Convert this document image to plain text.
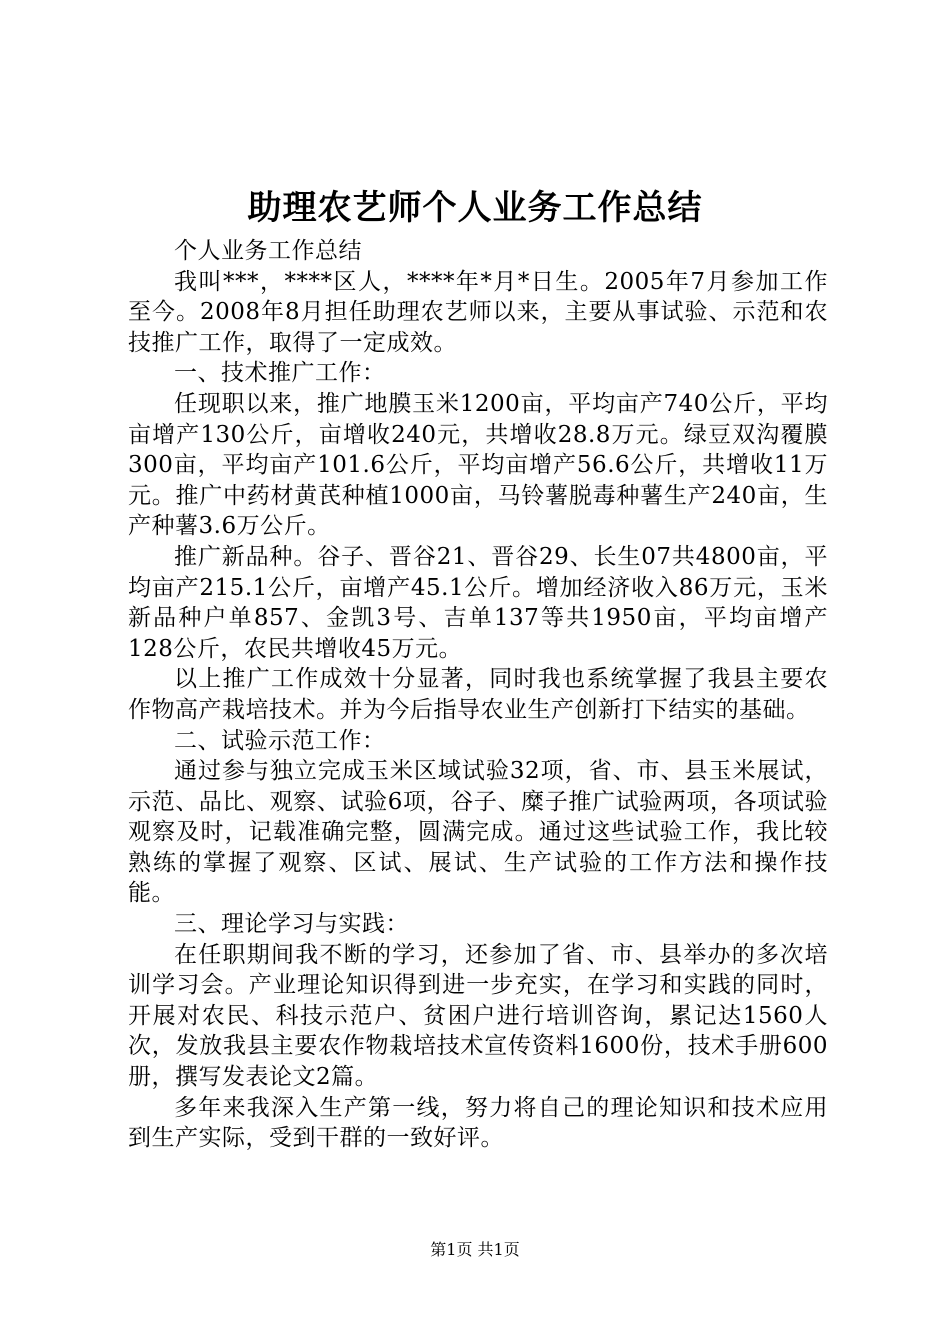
助理农艺师个人业务工作总结

个人业务工作总结

我叫***，****区人，****年*月*日生。2005年7月参加工作至今。2008年8月担任助理农艺师以来，主要从事试验、示范和农技推广工作，取得了一定成效。

一、技术推广工作：

任现职以来，推广地膜玉米1200亩，平均亩产740公斤，平均亩增产130公斤，亩增收240元，共增收28.8万元。绿豆双沟覆膜300亩，平均亩产101.6公斤，平均亩增产56.6公斤，共增收11万元。推广中药材黄芪种植1000亩，马铃薯脱毒种薯生产240亩，生产种薯3.6万公斤。

推广新品种。谷子、晋谷21、晋谷29、长生07共4800亩，平均亩产215.1公斤，亩增产45.1公斤。增加经济收入86万元，玉米新品种户单857、金凯3号、吉单137等共1950亩，平均亩增产128公斤，农民共增收45万元。

以上推广工作成效十分显著，同时我也系统掌握了我县主要农作物高产栽培技术。并为今后指导农业生产创新打下结实的基础。

二、试验示范工作：

通过参与独立完成玉米区域试验32项，省、市、县玉米展试，示范、品比、观察、试验6项，谷子、糜子推广试验两项，各项试验观察及时，记载准确完整，圆满完成。通过这些试验工作，我比较熟练的掌握了观察、区试、展试、生产试验的工作方法和操作技能。

三、理论学习与实践：

在任职期间我不断的学习，还参加了省、市、县举办的多次培训学习会。产业理论知识得到进一步充实，在学习和实践的同时，开展对农民、科技示范户、贫困户进行培训咨询，累记达1560人次，发放我县主要农作物栽培技术宣传资料1600份，技术手册600册，撰写发表论文2篇。

多年来我深入生产第一线，努力将自己的理论知识和技术应用到生产实际，受到干群的一致好评。

第1页 共1页
